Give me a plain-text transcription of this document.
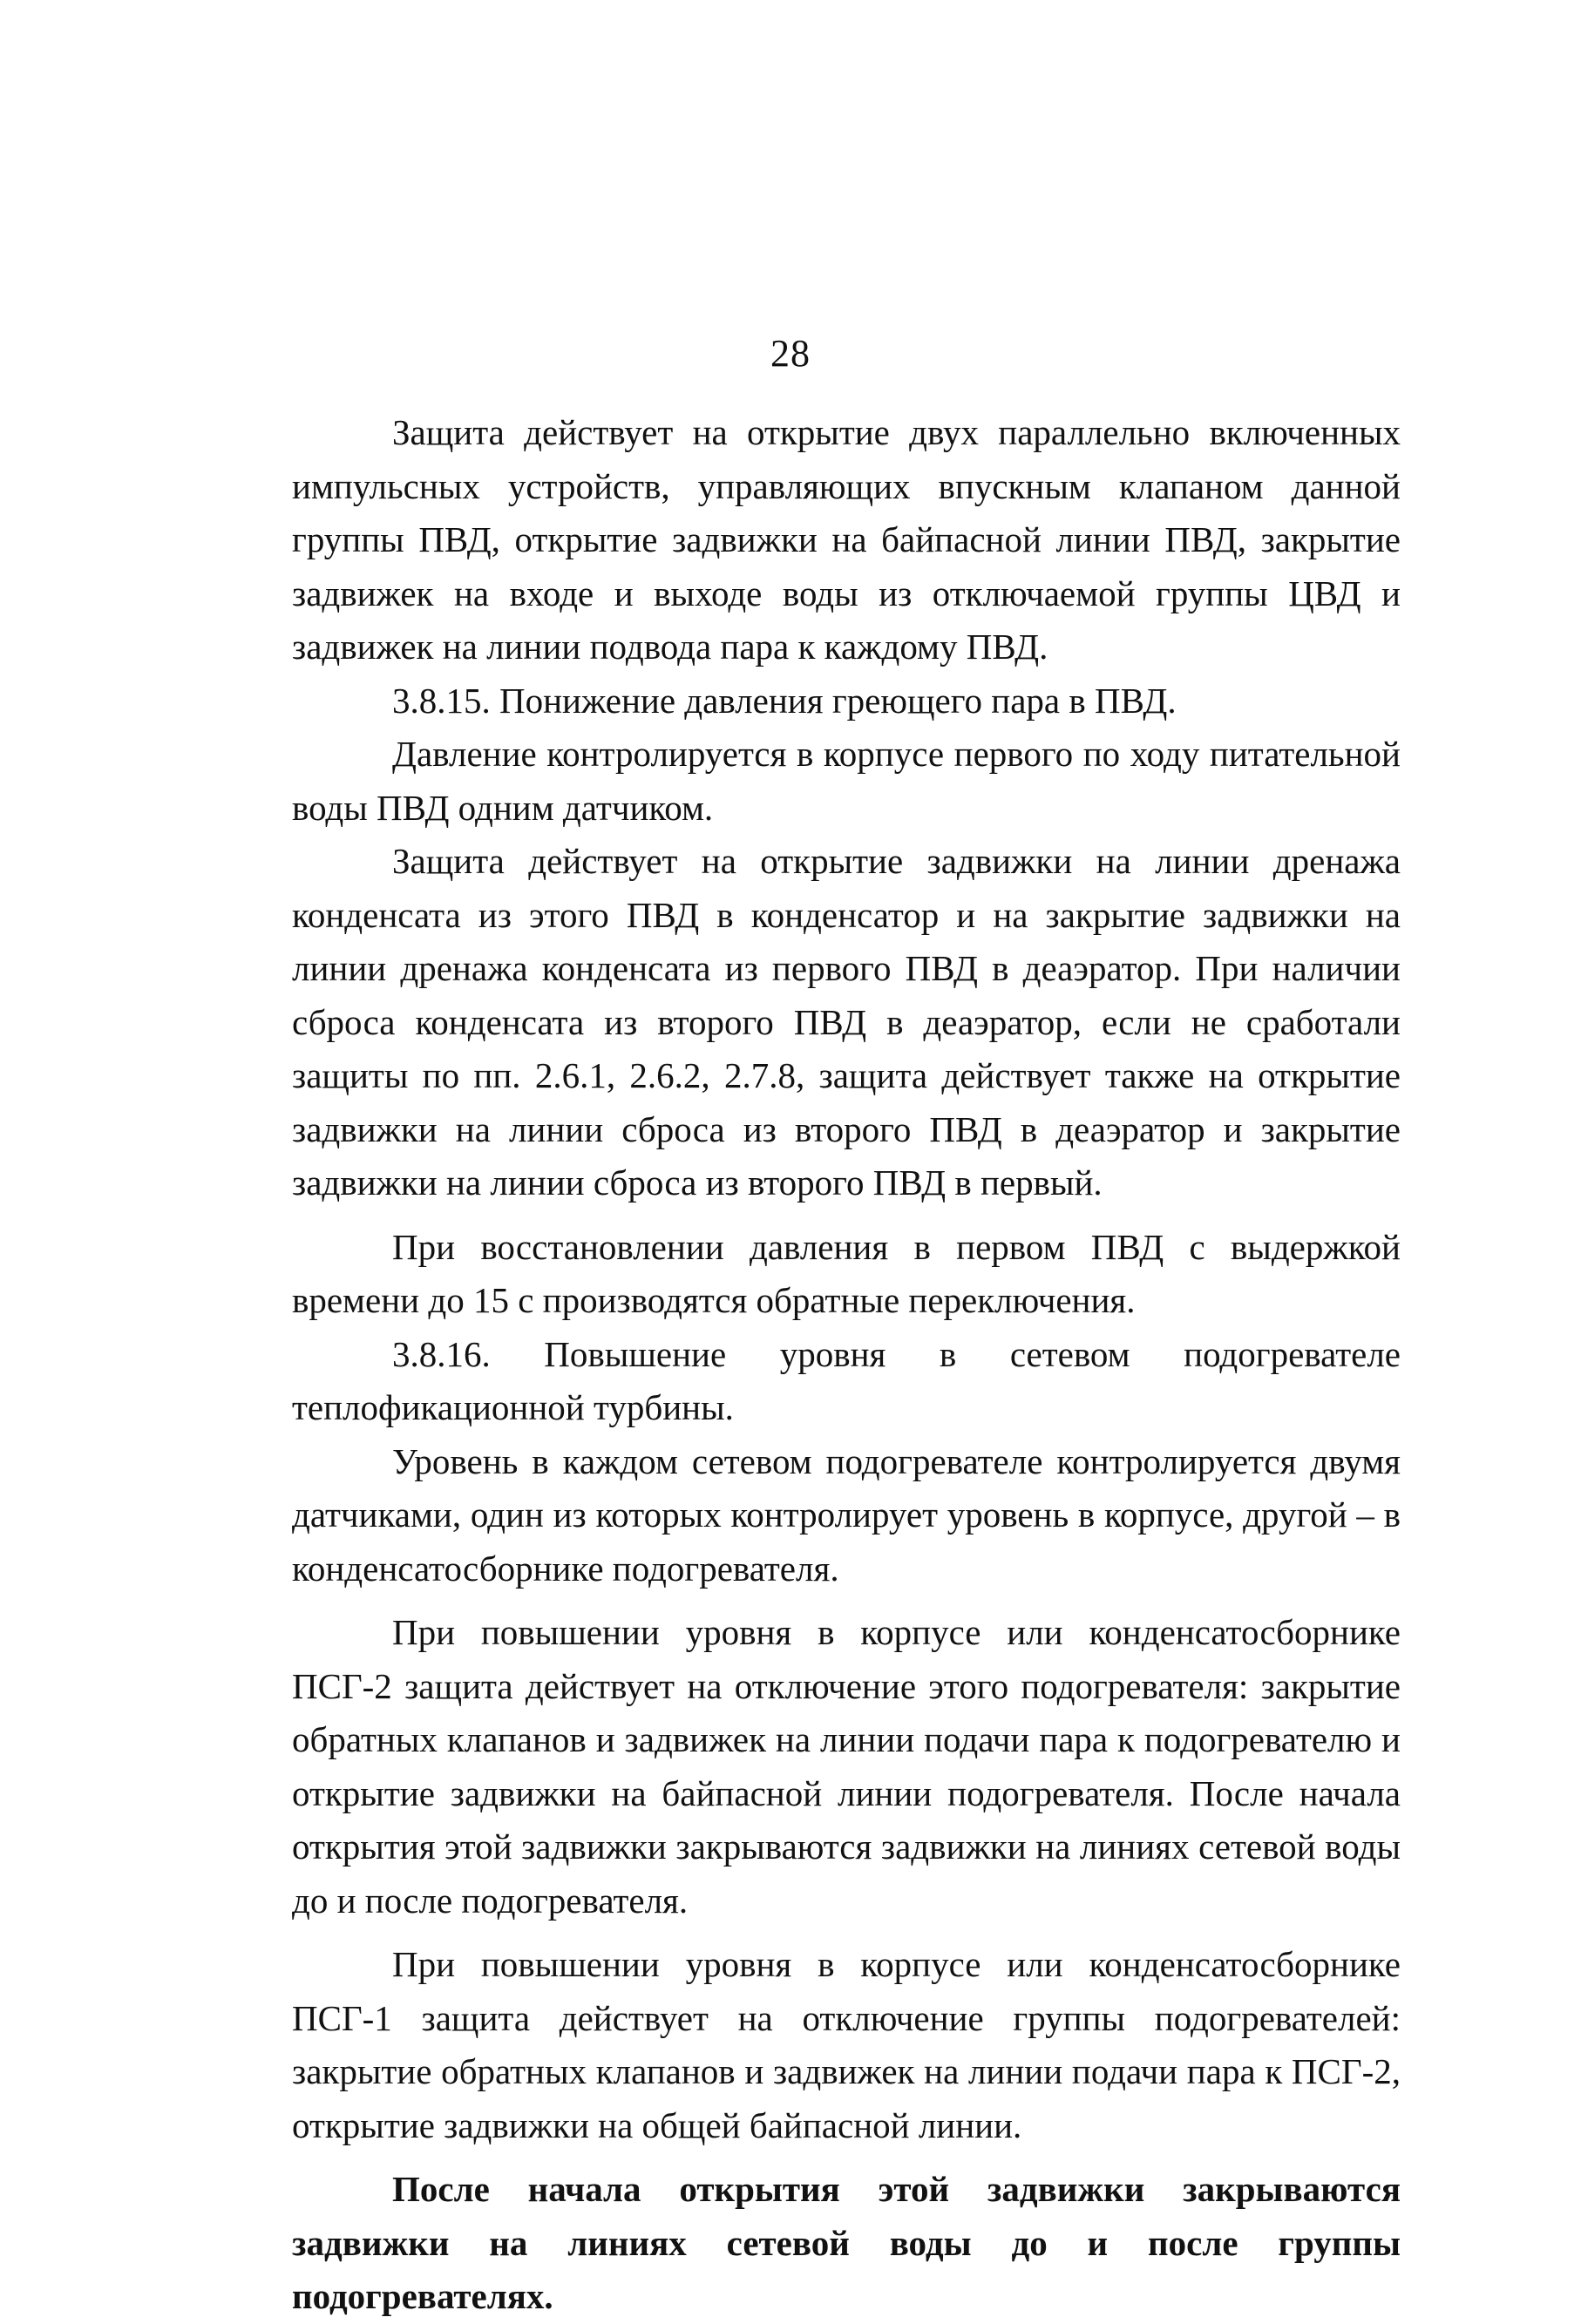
28

Защита действует на открытие двух параллельно включенных импульсных устройств, управляющих впускным клапаном данной группы ПВД, открытие задвижки на байпасной линии ПВД, закрытие задвижек на входе и выходе воды из отключаемой группы ЦВД и задвижек на линии подвода пара к каждому ПВД.

3.8.15. Понижение давления греющего пара в ПВД.

Давление контролируется в корпусе первого по ходу питательной воды ПВД одним датчиком.

Защита действует на открытие задвижки на линии дренажа конденсата из этого ПВД в конденсатор и на закрытие задвижки на линии дренажа конденсата из первого ПВД в деаэратор. При наличии сброса конденсата из второго ПВД в деаэратор, если не сработали защиты по пп. 2.6.1, 2.6.2, 2.7.8, защита действует также на открытие задвижки на линии сброса из второго ПВД в деаэратор и закрытие задвижки на линии сброса из второго ПВД в первый.

При восстановлении давления в первом ПВД с выдержкой времени до 15 с производятся обратные переключения.

3.8.16. Повышение уровня в сетевом подогревателе теплофикационной турбины.

Уровень в каждом сетевом подогревателе контролируется двумя датчиками, один из которых контролирует уровень в корпусе, другой – в конденсатосборнике подогревателя.

При повышении уровня в корпусе или конденсатосборнике ПСГ-2 защита действует на отключение этого подогревателя: закрытие обратных клапанов и задвижек на линии подачи пара к подогревателю и открытие задвижки на байпасной линии подогревателя. После начала открытия этой задвижки закрываются задвижки на линиях сетевой воды до и после подогревателя.

При повышении уровня в корпусе или конденсатосборнике ПСГ-1 защита действует на отключение группы подогревателей: закрытие обратных клапанов и задвижек на линии подачи пара к ПСГ-2, открытие задвижки на общей байпасной линии.

После начала открытия этой задвижки закрываются задвижки на линиях сетевой воды до и после группы подогревателях.
